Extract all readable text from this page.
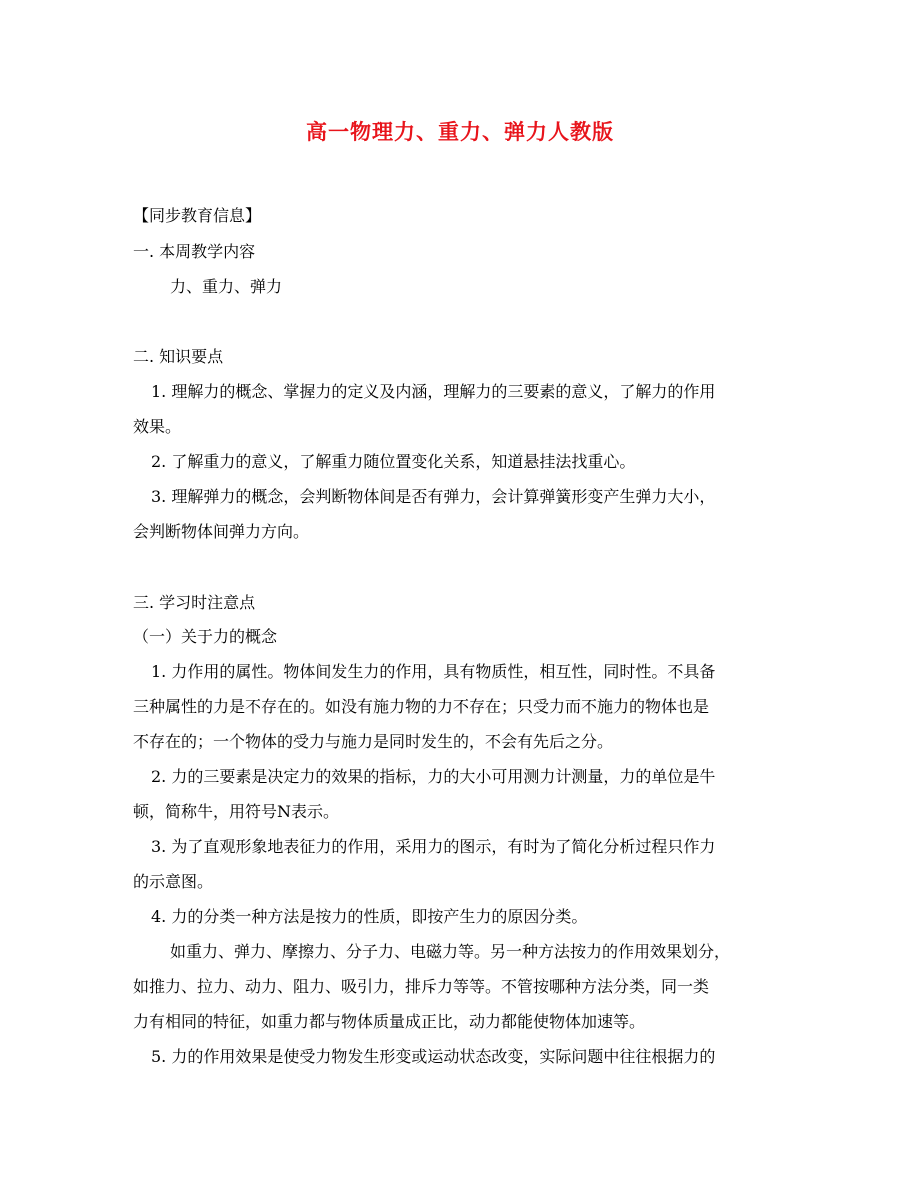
高一物理力、重力、弹力人教版
【同步教育信息】
一. 本周教学内容
力、重力、弹力
二. 知识要点
1. 理解力的概念、掌握力的定义及内涵，理解力的三要素的意义，了解力的作用
效果。
2. 了解重力的意义，了解重力随位置变化关系，知道悬挂法找重心。
3. 理解弹力的概念，会判断物体间是否有弹力，会计算弹簧形变产生弹力大小，
会判断物体间弹力方向。
三. 学习时注意点
（一）关于力的概念
1. 力作用的属性。物体间发生力的作用，具有物质性，相互性，同时性。不具备
三种属性的力是不存在的。如没有施力物的力不存在；只受力而不施力的物体也是
不存在的；一个物体的受力与施力是同时发生的，不会有先后之分。
2. 力的三要素是决定力的效果的指标，力的大小可用测力计测量，力的单位是牛
顿，简称牛，用符号N表示。
3. 为了直观形象地表征力的作用，采用力的图示，有时为了简化分析过程只作力
的示意图。
4. 力的分类一种方法是按力的性质，即按产生力的原因分类。
如重力、弹力、摩擦力、分子力、电磁力等。另一种方法按力的作用效果划分，
如推力、拉力、动力、阻力、吸引力，排斥力等等。不管按哪种方法分类，同一类
力有相同的特征，如重力都与物体质量成正比，动力都能使物体加速等。
5. 力的作用效果是使受力物发生形变或运动状态改变，实际问题中往往根据力的
